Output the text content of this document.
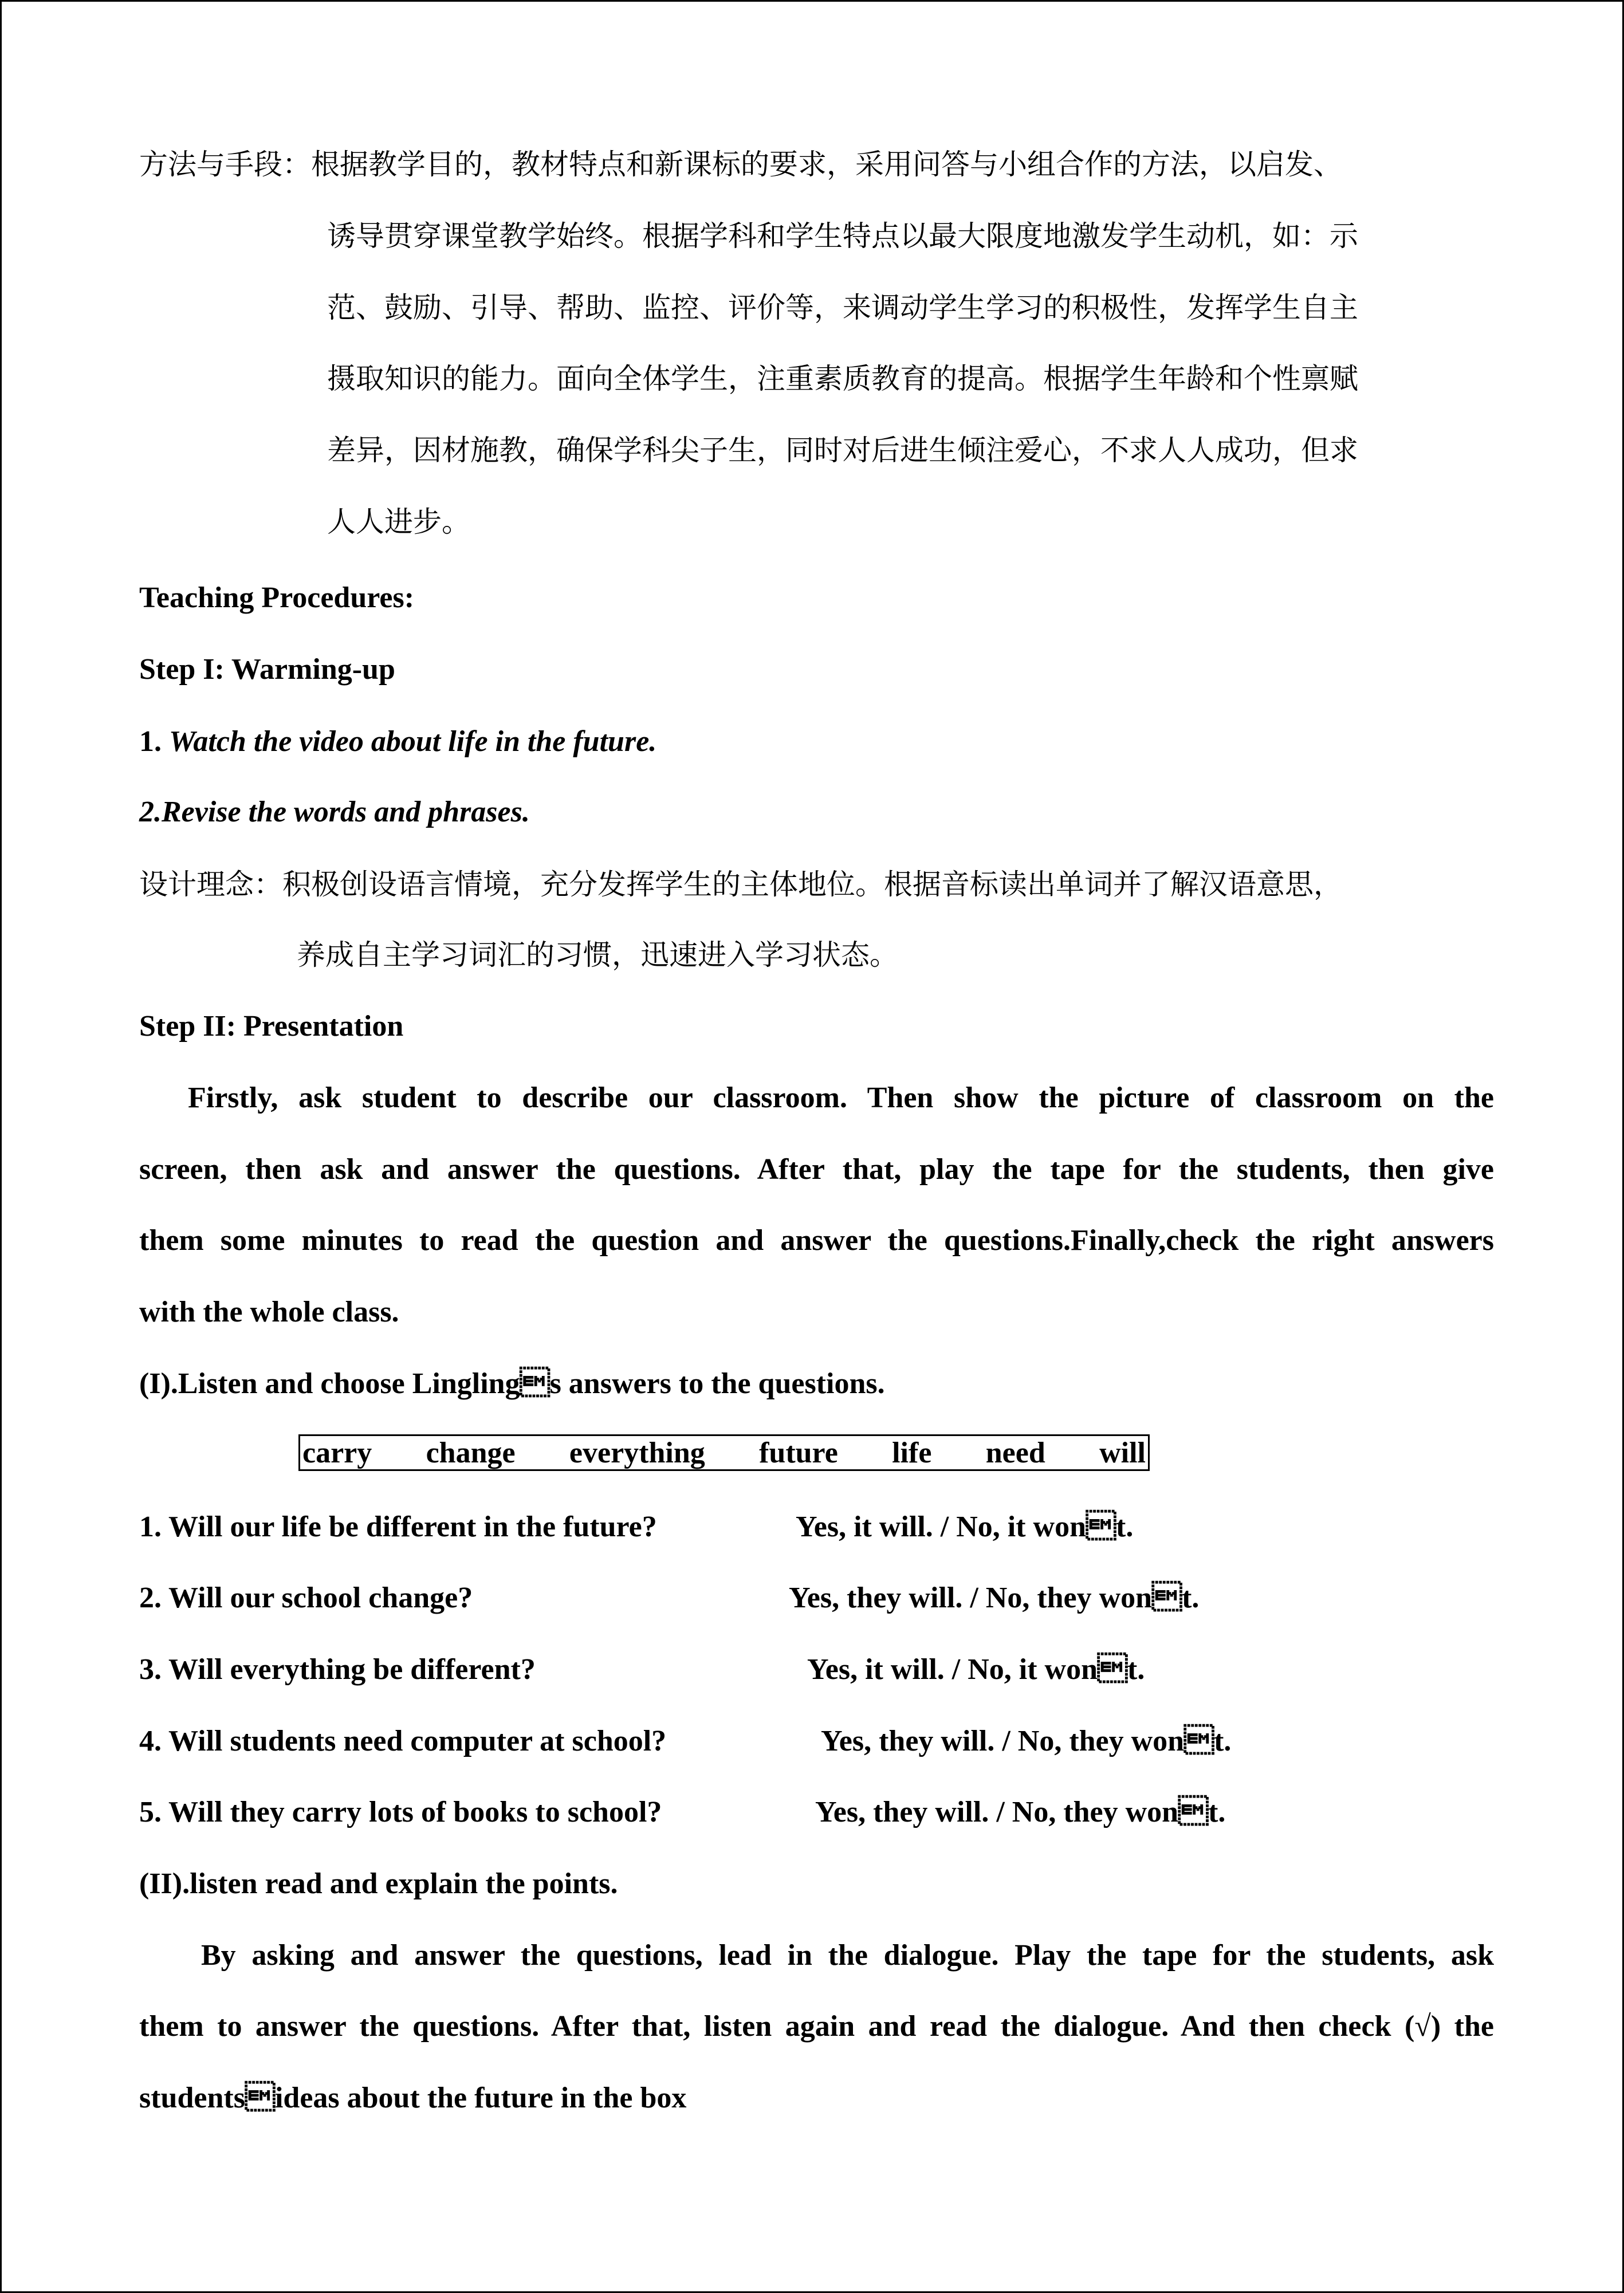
方法与手段：根据教学目的，教材特点和新课标的要求，采用问答与小组合作的方法，以启发、
诱导贯穿课堂教学始终。根据学科和学生特点以最大限度地激发学生动机，如：示
范、鼓励、引导、帮助、监控、评价等，来调动学生学习的积极性，发挥学生自主
摄取知识的能力。面向全体学生，注重素质教育的提高。根据学生年龄和个性禀赋
差异，因材施教，确保学科尖子生，同时对后进生倾注爱心，不求人人成功，但求
人人进步。
Teaching Procedures:
Step I: Warming-up
1. Watch the video about life in the future.
2.Revise the words and phrases.
设计理念：积极创设语言情境，充分发挥学生的主体地位。根据音标读出单词并了解汉语意思，
养成自主学习词汇的习惯，迅速进入学习状态。
Step II: Presentation
Firstly, ask student to describe our classroom. Then show the picture of classroom on the
screen, then ask and answer the questions. After that, play the tape for the students, then give
them some minutes to read the question and answer the questions.Finally,check the right answers
with the whole class.
(I).Listen and choose Linglings answers to the questions.
carry change everything future life need will
1. Will our life be different in the future?	Yes, it will. / No, it wont.
2. Will our school change?	Yes, they will. / No, they wont.
3. Will everything be different?	Yes, it will. / No, it wont.
4. Will students need computer at school?	Yes, they will. / No, they wont.
5. Will they carry lots of books to school?	Yes, they will. / No, they wont.
(II).listen read and explain the points.
By asking and answer the questions, lead in the dialogue. Play the tape for the students, ask
them to answer the questions. After that, listen again and read the dialogue. And then check (√) the
studentsideas about the future in the box
